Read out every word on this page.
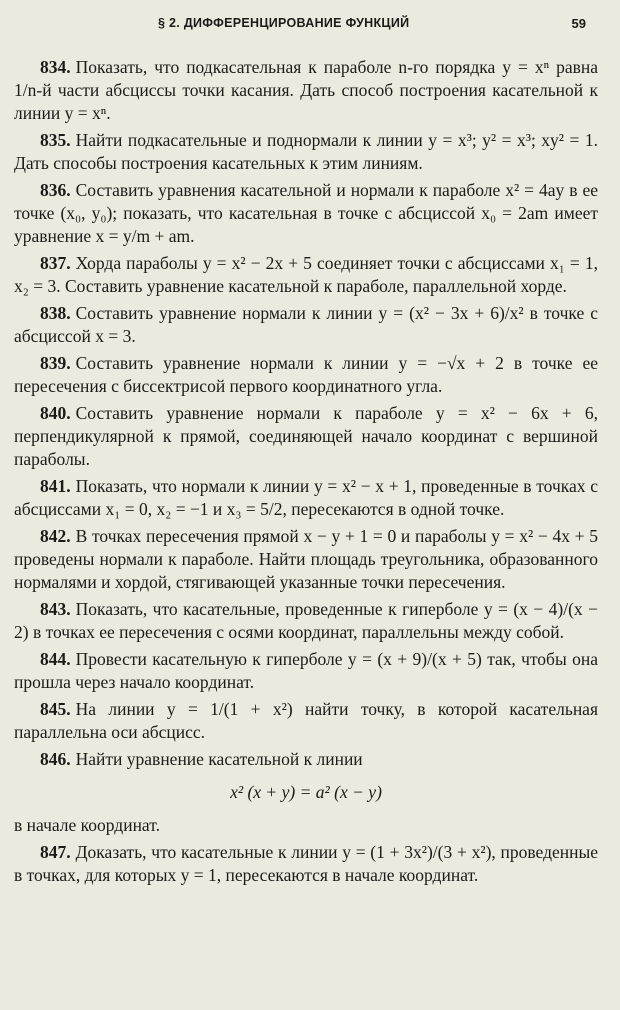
§ 2. ДИФФЕРЕНЦИРОВАНИЕ ФУНКЦИЙ	59

834. Показать, что подкасательная к параболе n-го порядка y = xⁿ равна 1/n-й части абсциссы точки касания. Дать способ построения касательной к линии y = xⁿ.

835. Найти подкасательные и поднормали к линии y = x³; y² = x³; xy² = 1. Дать способы построения касательных к этим линиям.

836. Составить уравнения касательной и нормали к параболе x² = 4ay в ее точке (x₀, y₀); показать, что касательная в точке с абсциссой x₀ = 2am имеет уравнение x = y/m + am.

837. Хорда параболы y = x² − 2x + 5 соединяет точки с абсциссами x₁ = 1, x₂ = 3. Составить уравнение касательной к параболе, параллельной хорде.

838. Составить уравнение нормали к линии y = (x² − 3x + 6)/x² в точке с абсциссой x = 3.

839. Составить уравнение нормали к линии y = −√x + 2 в точке ее пересечения с биссектрисой первого координатного угла.

840. Составить уравнение нормали к параболе y = x² − 6x + 6, перпендикулярной к прямой, соединяющей начало координат с вершиной параболы.

841. Показать, что нормали к линии y = x² − x + 1, проведенные в точках с абсциссами x₁ = 0, x₂ = −1 и x₃ = 5/2, пересекаются в одной точке.

842. В точках пересечения прямой x − y + 1 = 0 и параболы y = x² − 4x + 5 проведены нормали к параболе. Найти площадь треугольника, образованного нормалями и хордой, стягивающей указанные точки пересечения.

843. Показать, что касательные, проведенные к гиперболе y = (x − 4)/(x − 2) в точках ее пересечения с осями координат, параллельны между собой.

844. Провести касательную к гиперболе y = (x + 9)/(x + 5) так, чтобы она прошла через начало координат.

845. На линии y = 1/(1 + x²) найти точку, в которой касательная параллельна оси абсцисс.

846. Найти уравнение касательной к линии
x² (x + y) = a² (x − y)
в начале координат.

847. Доказать, что касательные к линии y = (1 + 3x²)/(3 + x²), проведенные в точках, для которых y = 1, пересекаются в начале координат.
